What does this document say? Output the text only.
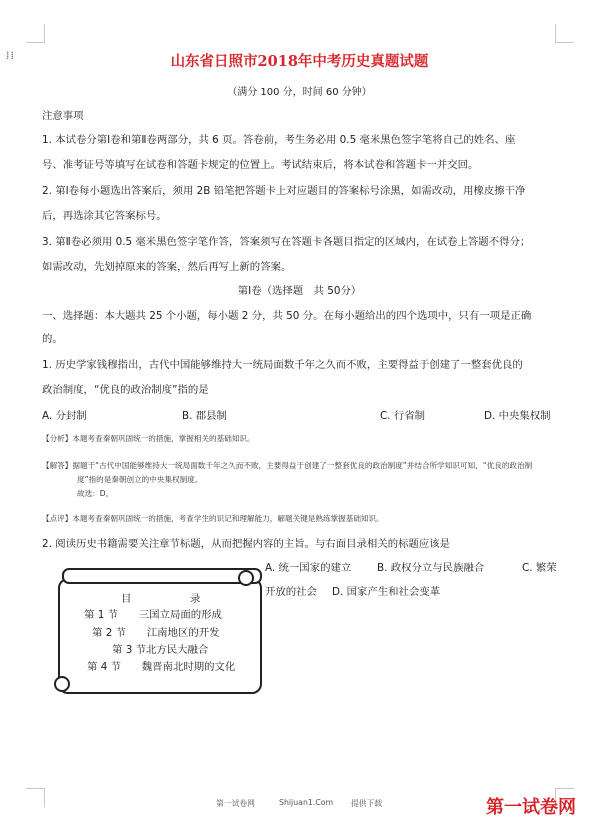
⁞⁞	山东省日照市2018年中考历史真题试题
（满分 100 分，时间 60 分钟）
注意事项
1. 本试卷分第Ⅰ卷和第Ⅱ卷两部分，共 6 页。答卷前，考生务必用 0.5 毫米黑色签字笔将自己的姓名、座
号、准考证号等填写在试卷和答题卡规定的位置上。考试结束后，将本试卷和答题卡一并交回。
2. 第Ⅰ卷每小题选出答案后，须用 2B 铅笔把答题卡上对应题目的答案标号涂黑，如需改动，用橡皮擦干净
后，再选涂其它答案标号。
3. 第Ⅱ卷必须用 0.5 毫米黑色签字笔作答，答案须写在答题卡各题目指定的区域内，在试卷上答题不得分；
如需改动，先划掉原来的答案，然后再写上新的答案。
第Ⅰ卷（选择题　共 50分）
一、选择题：本大题共 25 个小题，每小题 2 分，共 50 分。在每小题给出的四个选项中，只有一项是正确
的。
1. 历史学家钱穆指出，古代中国能够维持大一统局面数千年之久而不败，主要得益于创建了一整套优良的
政治制度，“优良的政治制度”指的是
A. 分封制	B. 郡县制	C. 行省制	D. 中央集权制
【分析】本题考查秦朝巩固统一的措施，掌握相关的基础知识。
【解答】据题干“古代中国能够维持大一统局面数千年之久而不败，主要得益于创建了一整套优良的政治制度”并结合所学知识可知，“优良的政治制
度”指的是秦朝创立的中央集权制度。
故选：D。
【点评】本题考查秦朝巩固统一的措施，考查学生的识记和理解能力，解题关键是熟练掌握基础知识。
2. 阅读历史书籍需要关注章节标题，从而把握内容的主旨。与右面目录相关的标题应该是
A. 统一国家的建立 B. 政权分立与民族融合	C. 繁荣
开放的社会 D. 国家产生和社会变革
目	录
第 1 节　　三国立局面的形成
第 2 节　　江南地区的开发
第 3 节北方民大融合
第 4 节　　魏晋南北时期的文化
第一试卷网	Shijuan1.Com 提供下载	第一试卷网
